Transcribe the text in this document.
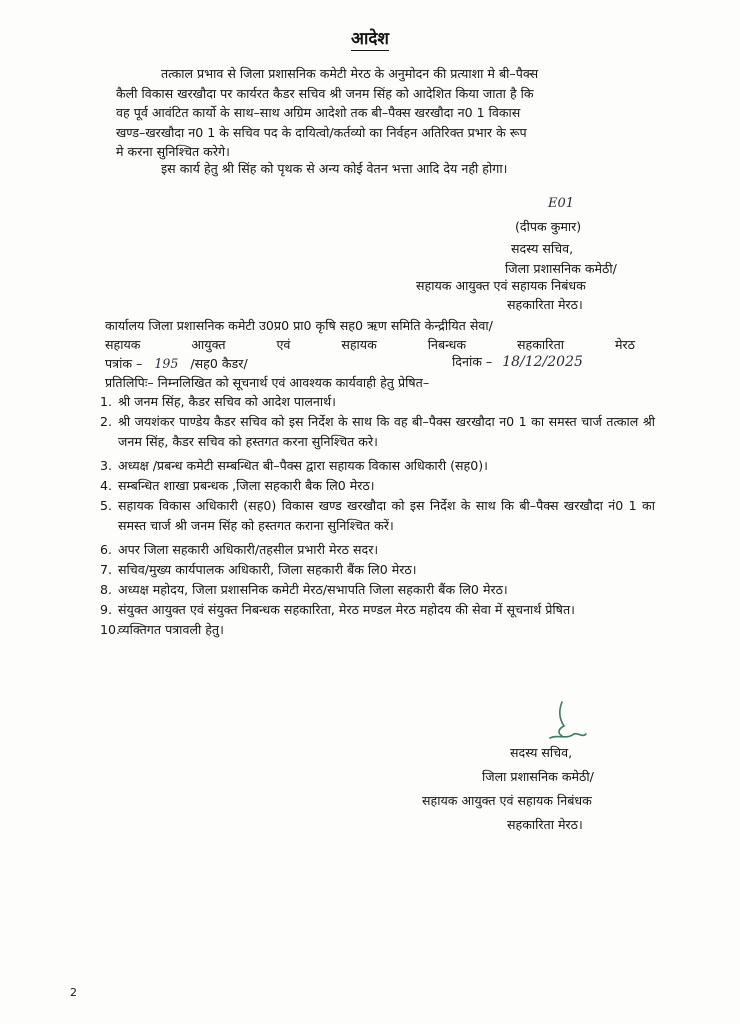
आदेश
तत्काल प्रभाव से जिला प्रशासनिक कमेटी मेरठ के अनुमोदन की प्रत्याशा मे बी–पैक्स
कैली विकास खरखौदा पर कार्यरत कैडर सचिव श्री जनम सिंह को आदेशित किया जाता है कि
वह पूर्व आवंटित कार्यो के साथ–साथ अग्रिम आदेशो तक बी–पैक्स खरखौदा न0 1 विकास
खण्ड–खरखौदा न0 1 के सचिव पद के दायित्वो/कर्तव्यो का निर्वहन अतिरिक्त प्रभार के रूप
मे करना सुनिश्चित करेगे।
इस कार्य हेतु श्री सिंह को पृथक से अन्य कोई वेतन भत्ता आदि देय नही होगा।
E01
(दीपक कुमार)
सदस्य सचिव,
जिला प्रशासनिक कमेठी/
सहायक आयुक्त एवं सहायक निबंधक
सहकारिता मेरठ।
कार्यालय जिला प्रशासनिक कमेटी उ0प्र0 प्रा0 कृषि सह0 ऋण समिति केन्द्रीयित सेवा/
सहायक	आयुक्त	एवं	सहायक	निबन्धक	सहकारिता	मेरठ
पत्रांक – 195 /सह0 कैडर/	दिनांक – 18/12/2025
प्रतिलिपिः– निम्नलिखित को सूचनार्थ एवं आवश्यक कार्यवाही हेतु प्रेषित–
1. श्री जनम सिंह, कैडर सचिव को आदेश पालनार्थ।
2. श्री जयशंकर पाण्डेय कैडर सचिव को इस निर्देश के साथ कि वह बी–पैक्स खरखौदा न0 1 का समस्त चार्ज तत्काल श्री जनम सिंह, कैडर सचिव को हस्तगत करना सुनिश्चित करे।
3. अध्यक्ष /प्रबन्ध कमेटी सम्बन्धित बी–पैक्स द्वारा सहायक विकास अधिकारी (सह0)।
4. सम्बन्धित शाखा प्रबन्धक ,जिला सहकारी बैक लि0 मेरठ।
5. सहायक विकास अधिकारी (सह0) विकास खण्ड खरखौदा को इस निर्देश के साथ कि बी–पैक्स खरखौदा नं0 1 का समस्त चार्ज श्री जनम सिंह को हस्तगत कराना सुनिश्चित करें।
6. अपर जिला सहकारी अधिकारी/तहसील प्रभारी मेरठ सदर।
7. सचिव/मुख्य कार्यपालक अधिकारी, जिला सहकारी बैंक लि0 मेरठ।
8. अध्यक्ष महोदय, जिला प्रशासनिक कमेटी मेरठ/सभापति जिला सहकारी बैंक लि0 मेरठ।
9. संयुक्त आयुक्त एवं संयुक्त निबन्धक सहकारिता, मेरठ मण्डल मेरठ महोदय की सेवा में सूचनार्थ प्रेषित।
10.
व्यक्तिगत पत्रावली हेतु।
सदस्य सचिव,
जिला प्रशासनिक कमेठी/
सहायक आयुक्त एवं सहायक निबंधक
सहकारिता मेरठ।
2
